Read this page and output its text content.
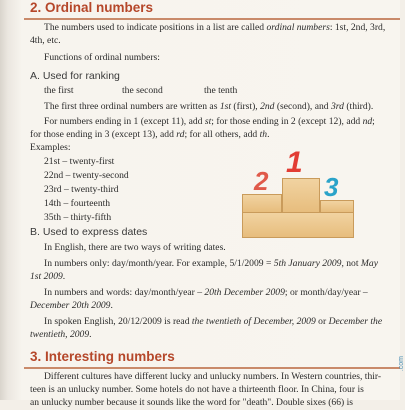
2. Ordinal numbers
The numbers used to indicate positions in a list are called ordinal numbers: 1st, 2nd, 3rd,
4th, etc.
Functions of ordinal numbers:
A. Used for ranking
the first	the second	the tenth
The first three ordinal numbers are written as 1st (first), 2nd (second), and 3rd (third).
For numbers ending in 1 (except 11), add st; for those ending in 2 (except 12), add nd;
for those ending in 3 (except 13), add rd; for all others, add th.
Examples:
21st – twenty-first
22nd – twenty-second
23rd – twenty-third
14th – fourteenth
35th – thirty-fifth
2
1
3
B. Used to express dates
In English, there are two ways of writing dates.
In numbers only: day/month/year. For example, 5/1/2009 = 5th January 2009, not May
1st 2009.
In numbers and words: day/month/year – 20th December 2009; or month/day/year –
December 20th 2009.
In spoken English, 20/12/2009 is read the twentieth of December, 2009 or December the
twentieth, 2009.
3. Interesting numbers
Different cultures have different lucky and unlucky numbers. In Western countries, thir-
teen is an unlucky number. Some hotels do not have a thirteenth floor. In China, four is
an unlucky number because it sounds like the word for "death". Double sixes (66) is
.com
